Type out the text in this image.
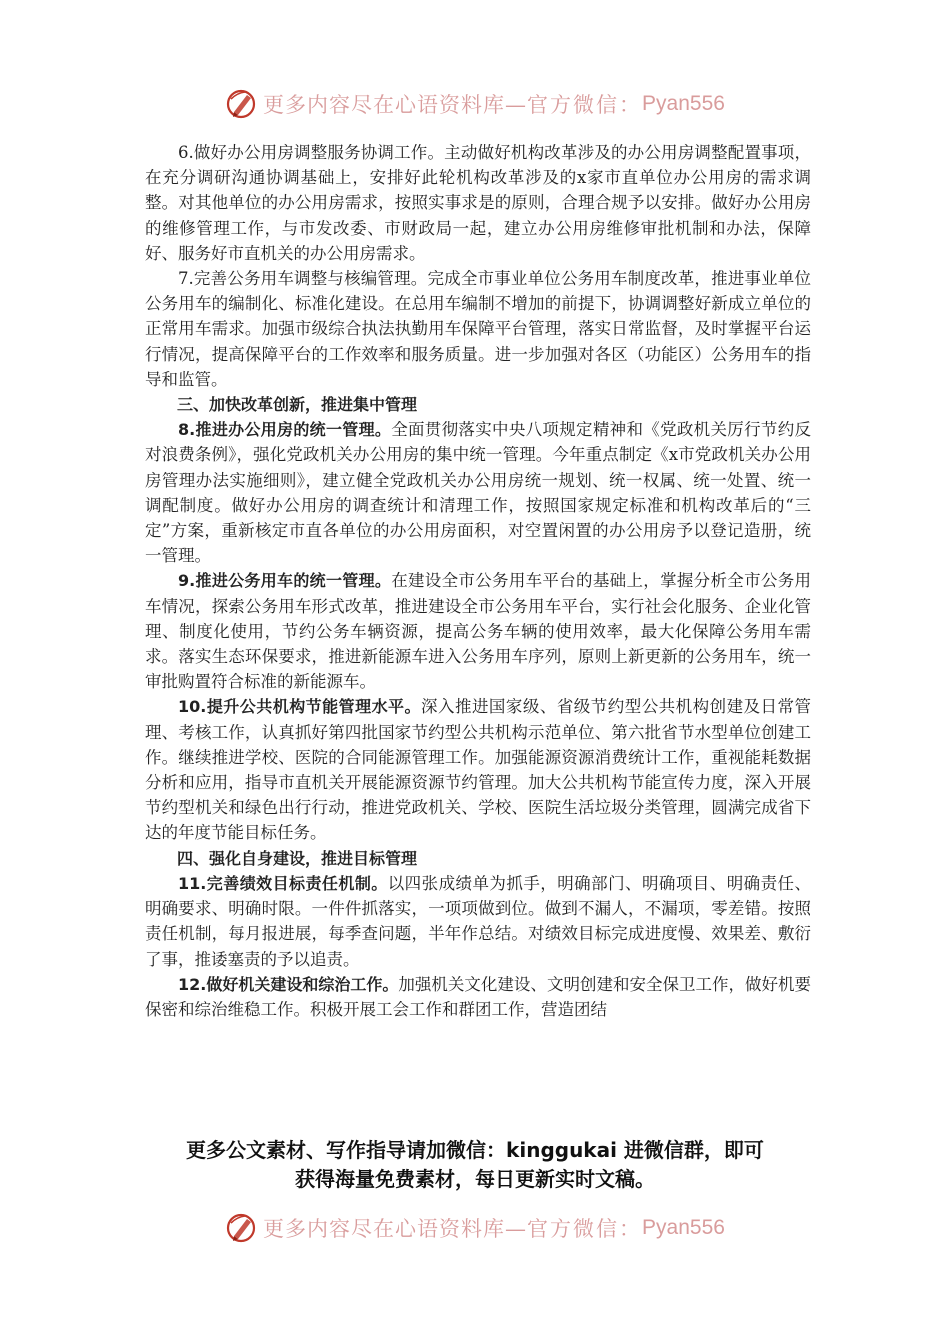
更多内容尽在心语资料库— 官方微信： Pyan556

6.做好办公用房调整服务协调工作。主动做好机构改革涉及的办公用房调整配置事项，在充分调研沟通协调基础上，安排好此轮机构改革涉及的x家市直单位办公用房的需求调整。对其他单位的办公用房需求，按照实事求是的原则，合理合规予以安排。做好办公用房的维修管理工作，与市发改委、市财政局一起，建立办公用房维修审批机制和办法，保障好、服务好市直机关的办公用房需求。

7.完善公务用车调整与核编管理。完成全市事业单位公务用车制度改革，推进事业单位公务用车的编制化、标准化建设。在总用车编制不增加的前提下，协调调整好新成立单位的正常用车需求。加强市级综合执法执勤用车保障平台管理，落实日常监督，及时掌握平台运行情况，提高保障平台的工作效率和服务质量。进一步加强对各区（功能区）公务用车的指导和监管。

三、加快改革创新，推进集中管理

8.推进办公用房的统一管理。全面贯彻落实中央八项规定精神和《党政机关厉行节约反对浪费条例》，强化党政机关办公用房的集中统一管理。今年重点制定《x市党政机关办公用房管理办法实施细则》，建立健全党政机关办公用房统一规划、统一权属、统一处置、统一调配制度。做好办公用房的调查统计和清理工作，按照国家规定标准和机构改革后的“三定”方案，重新核定市直各单位的办公用房面积，对空置闲置的办公用房予以登记造册，统一管理。

9.推进公务用车的统一管理。在建设全市公务用车平台的基础上，掌握分析全市公务用车情况，探索公务用车形式改革，推进建设全市公务用车平台，实行社会化服务、企业化管理、制度化使用，节约公务车辆资源，提高公务车辆的使用效率，最大化保障公务用车需求。落实生态环保要求，推进新能源车进入公务用车序列，原则上新更新的公务用车，统一审批购置符合标准的新能源车。

10.提升公共机构节能管理水平。深入推进国家级、省级节约型公共机构创建及日常管理、考核工作，认真抓好第四批国家节约型公共机构示范单位、第六批省节水型单位创建工作。继续推进学校、医院的合同能源管理工作。加强能源资源消费统计工作，重视能耗数据分析和应用，指导市直机关开展能源资源节约管理。加大公共机构节能宣传力度，深入开展节约型机关和绿色出行行动，推进党政机关、学校、医院生活垃圾分类管理，圆满完成省下达的年度节能目标任务。

四、强化自身建设，推进目标管理

11.完善绩效目标责任机制。以四张成绩单为抓手，明确部门、明确项目、明确责任、明确要求、明确时限。一件件抓落实，一项项做到位。做到不漏人，不漏项，零差错。按照责任机制，每月报进展，每季查问题，半年作总结。对绩效目标完成进度慢、效果差、敷衍了事，推诿塞责的予以追责。

12.做好机关建设和综治工作。加强机关文化建设、文明创建和安全保卫工作，做好机要保密和综治维稳工作。积极开展工会工作和群团工作，营造团结

更多公文素材、写作指导请加微信：kinggukai 进微信群，即可
获得海量免费素材，每日更新实时文稿。
更多内容尽在心语资料库— 官方微信： Pyan556
